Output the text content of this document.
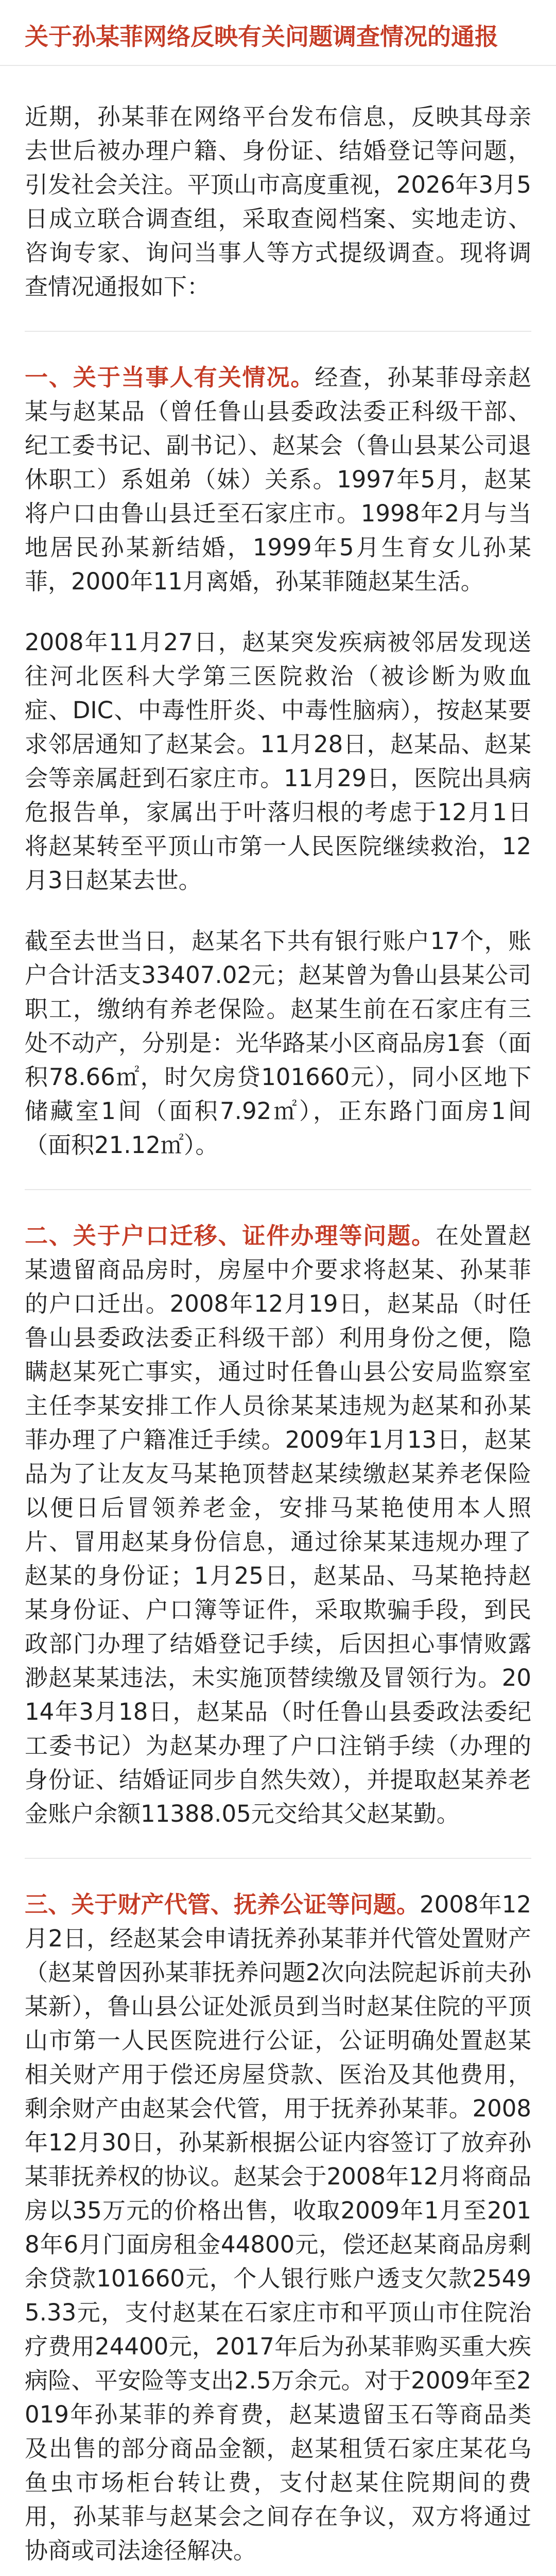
关于孙某菲网络反映有关问题调查情况的通报

近期，孙某菲在网络平台发布信息，反映其母亲去世后被办理户籍、身份证、结婚登记等问题，引发社会关注。平顶山市高度重视，2026年3月5日成立联合调查组，采取查阅档案、实地走访、咨询专家、询问当事人等方式提级调查。现将调查情况通报如下：

一、关于当事人有关情况。经查，孙某菲母亲赵某与赵某品（曾任鲁山县委政法委正科级干部、纪工委书记、副书记）、赵某会（鲁山县某公司退休职工）系姐弟（妹）关系。1997年5月，赵某将户口由鲁山县迁至石家庄市。1998年2月与当地居民孙某新结婚，1999年5月生育女儿孙某菲，2000年11月离婚，孙某菲随赵某生活。

2008年11月27日，赵某突发疾病被邻居发现送往河北医科大学第三医院救治（被诊断为败血症、DIC、中毒性肝炎、中毒性脑病），按赵某要求邻居通知了赵某会。11月28日，赵某品、赵某会等亲属赶到石家庄市。11月29日，医院出具病危报告单，家属出于叶落归根的考虑于12月1日将赵某转至平顶山市第一人民医院继续救治，12月3日赵某去世。

截至去世当日，赵某名下共有银行账户17个，账户合计活支33407.02元；赵某曾为鲁山县某公司职工，缴纳有养老保险。赵某生前在石家庄有三处不动产，分别是：光华路某小区商品房1套（面积78.66㎡，时欠房贷101660元），同小区地下储藏室1间（面积7.92㎡），正东路门面房1间（面积21.12㎡）。

二、关于户口迁移、证件办理等问题。在处置赵某遗留商品房时，房屋中介要求将赵某、孙某菲的户口迁出。2008年12月19日，赵某品（时任鲁山县委政法委正科级干部）利用身份之便，隐瞒赵某死亡事实，通过时任鲁山县公安局监察室主任李某安排工作人员徐某某违规为赵某和孙某菲办理了户籍准迁手续。2009年1月13日，赵某品为了让友友马某艳顶替赵某续缴赵某养老保险以便日后冒领养老金，安排马某艳使用本人照片、冒用赵某身份信息，通过徐某某违规办理了赵某的身份证；1月25日，赵某品、马某艳持赵某身份证、户口簿等证件，采取欺骗手段，到民政部门办理了结婚登记手续，后因担心事情败露渺赵某某违法，未实施顶替续缴及冒领行为。2014年3月18日，赵某品（时任鲁山县委政法委纪工委书记）为赵某办理了户口注销手续（办理的身份证、结婚证同步自然失效），并提取赵某养老金账户余额11388.05元交给其父赵某勤。

三、关于财产代管、抚养公证等问题。2008年12月2日，经赵某会申请抚养孙某菲并代管处置财产（赵某曾因孙某菲抚养问题2次向法院起诉前夫孙某新），鲁山县公证处派员到当时赵某住院的平顶山市第一人民医院进行公证，公证明确处置赵某相关财产用于偿还房屋贷款、医治及其他费用，剩余财产由赵某会代管，用于抚养孙某菲。2008年12月30日，孙某新根据公证内容签订了放弃孙某菲抚养权的协议。赵某会于2008年12月将商品房以35万元的价格出售，收取2009年1月至2018年6月门面房租金44800元，偿还赵某商品房剩余贷款101660元，个人银行账户透支欠款25495.33元，支付赵某在石家庄市和平顶山市住院治疗费用24400元，2017年后为孙某菲购买重大疾病险、平安险等支出2.5万余元。对于2009年至2019年孙某菲的养育费，赵某遗留玉石等商品类及出售的部分商品金额，赵某租赁石家庄某花乌鱼虫市场柜台转让费，支付赵某住院期间的费用，孙某菲与赵某会之间存在争议，双方将通过协商或司法途径解决。
